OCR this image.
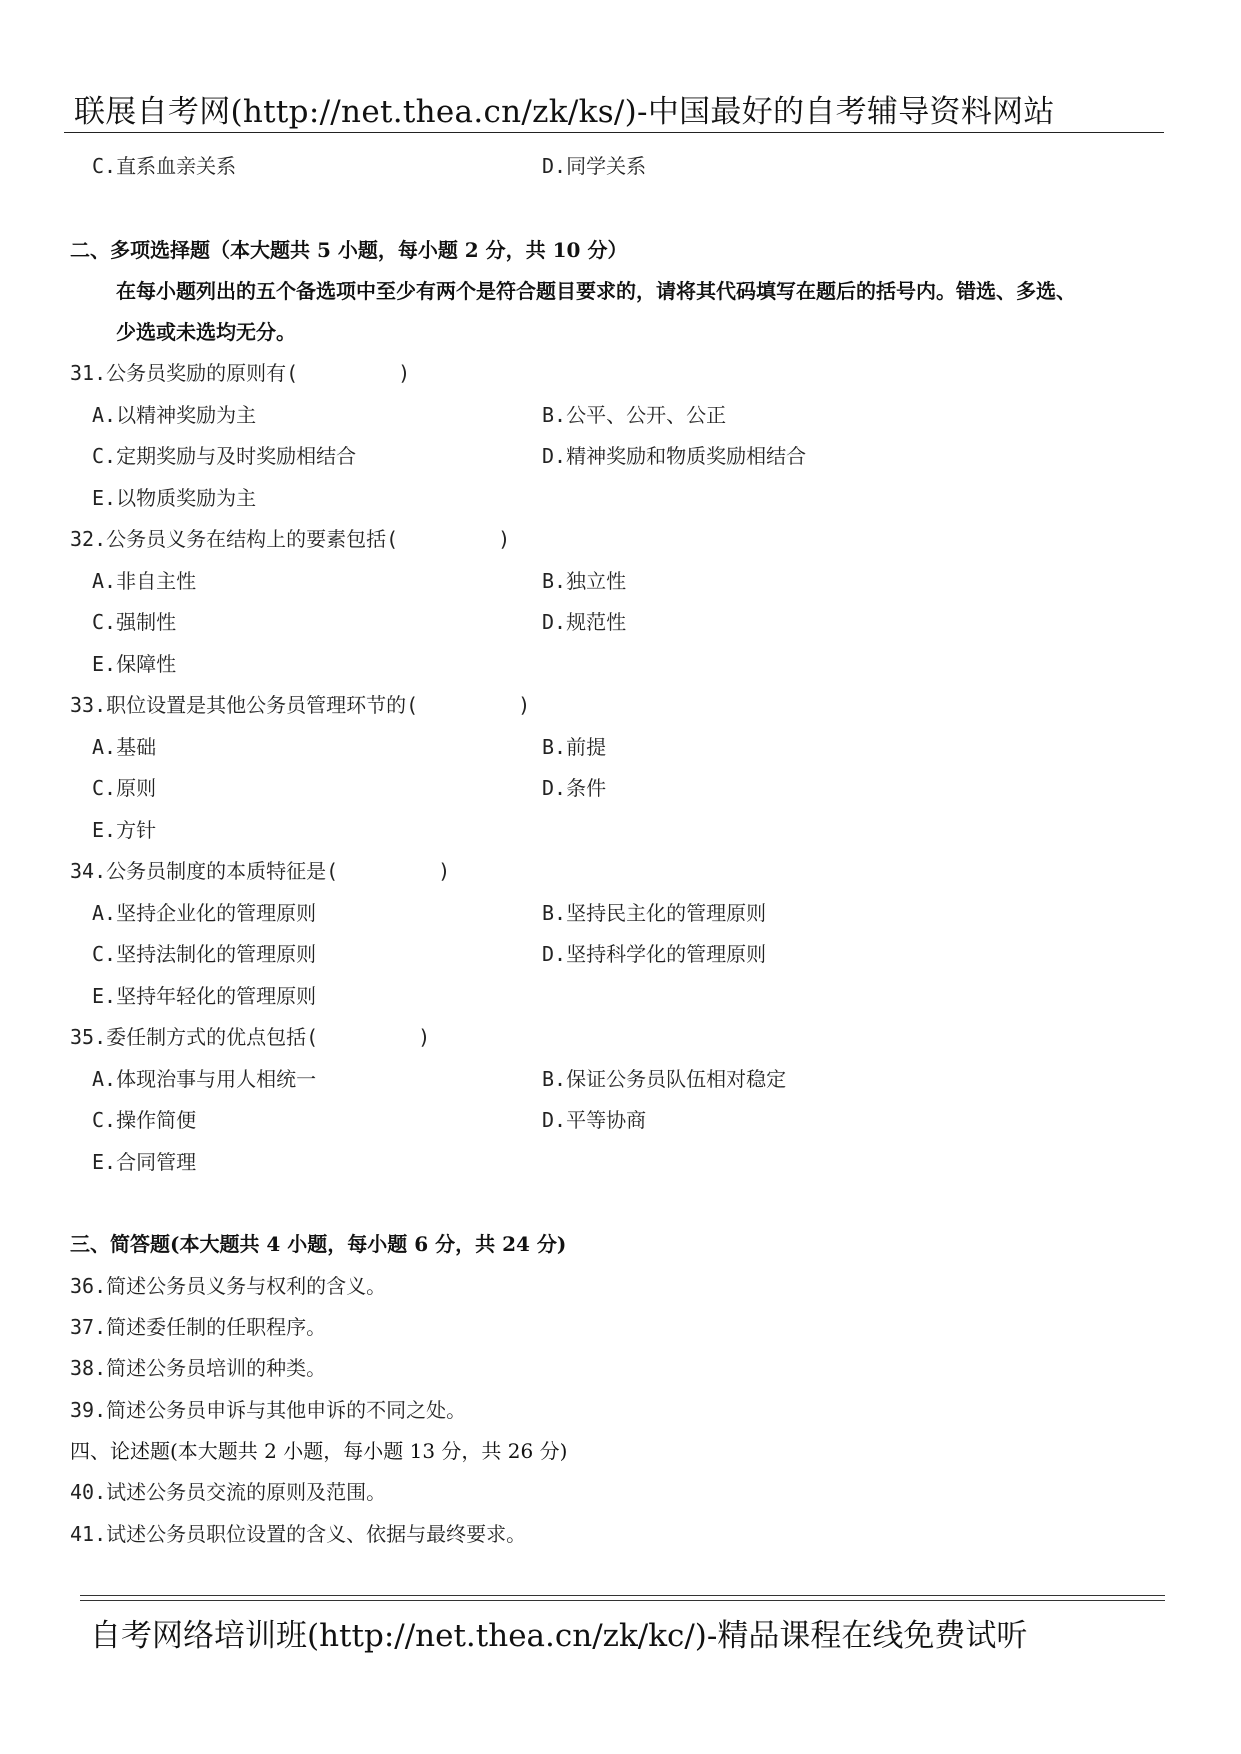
联展自考网(http://net.thea.cn/zk/ks/)-中国最好的自考辅导资料网站
C.直系血亲关系	D.同学关系
二、多项选择题（本大题共 5 小题，每小题 2 分，共 10 分）
在每小题列出的五个备选项中至少有两个是符合题目要求的，请将其代码填写在题后的括号内。错选、多选、
少选或未选均无分。
31.公务员奖励的原则有(　　　　　)
A.以精神奖励为主	B.公平、公开、公正
C.定期奖励与及时奖励相结合	D.精神奖励和物质奖励相结合
E.以物质奖励为主
32.公务员义务在结构上的要素包括(　　　　　)
A.非自主性	B.独立性
C.强制性	D.规范性
E.保障性
33.职位设置是其他公务员管理环节的(　　　　　)
A.基础	B.前提
C.原则	D.条件
E.方针
34.公务员制度的本质特征是(　　　　　)
A.坚持企业化的管理原则	B.坚持民主化的管理原则
C.坚持法制化的管理原则	D.坚持科学化的管理原则
E.坚持年轻化的管理原则
35.委任制方式的优点包括(　　　　　)
A.体现治事与用人相统一	B.保证公务员队伍相对稳定
C.操作简便	D.平等协商
E.合同管理
三、简答题(本大题共 4 小题，每小题 6 分，共 24 分)
36.简述公务员义务与权利的含义。
37.简述委任制的任职程序。
38.简述公务员培训的种类。
39.简述公务员申诉与其他申诉的不同之处。
四、论述题(本大题共 2 小题，每小题 13 分，共 26 分)
40.试述公务员交流的原则及范围。
41.试述公务员职位设置的含义、依据与最终要求。
自考网络培训班(http://net.thea.cn/zk/kc/)-精品课程在线免费试听
